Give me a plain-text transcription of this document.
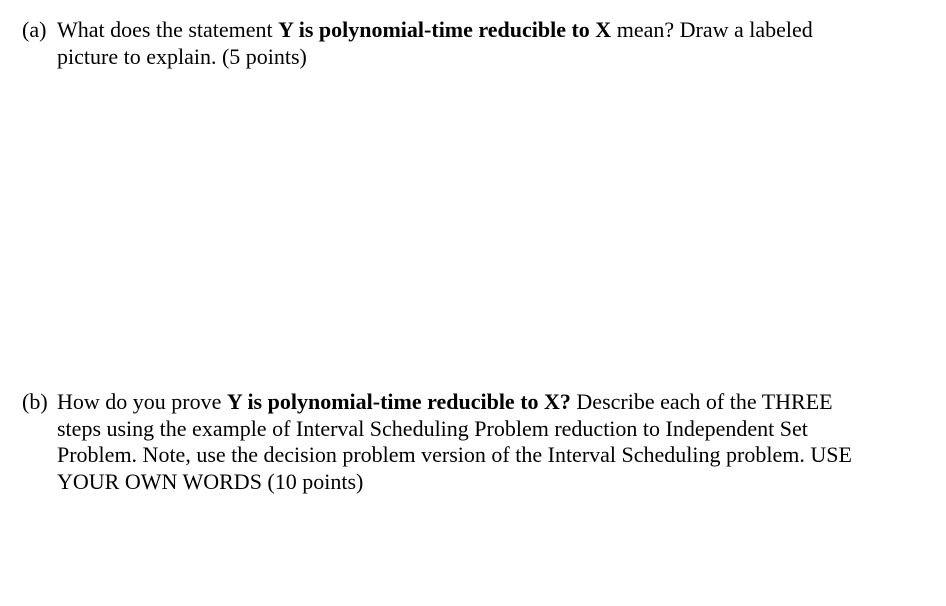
(a) What does the statement Y is polynomial-time reducible to X mean? Draw a labeled
picture to explain. (5 points)
(b) How do you prove Y is polynomial-time reducible to X? Describe each of the THREE
steps using the example of Interval Scheduling Problem reduction to Independent Set
Problem. Note, use the decision problem version of the Interval Scheduling problem. USE
YOUR OWN WORDS (10 points)
